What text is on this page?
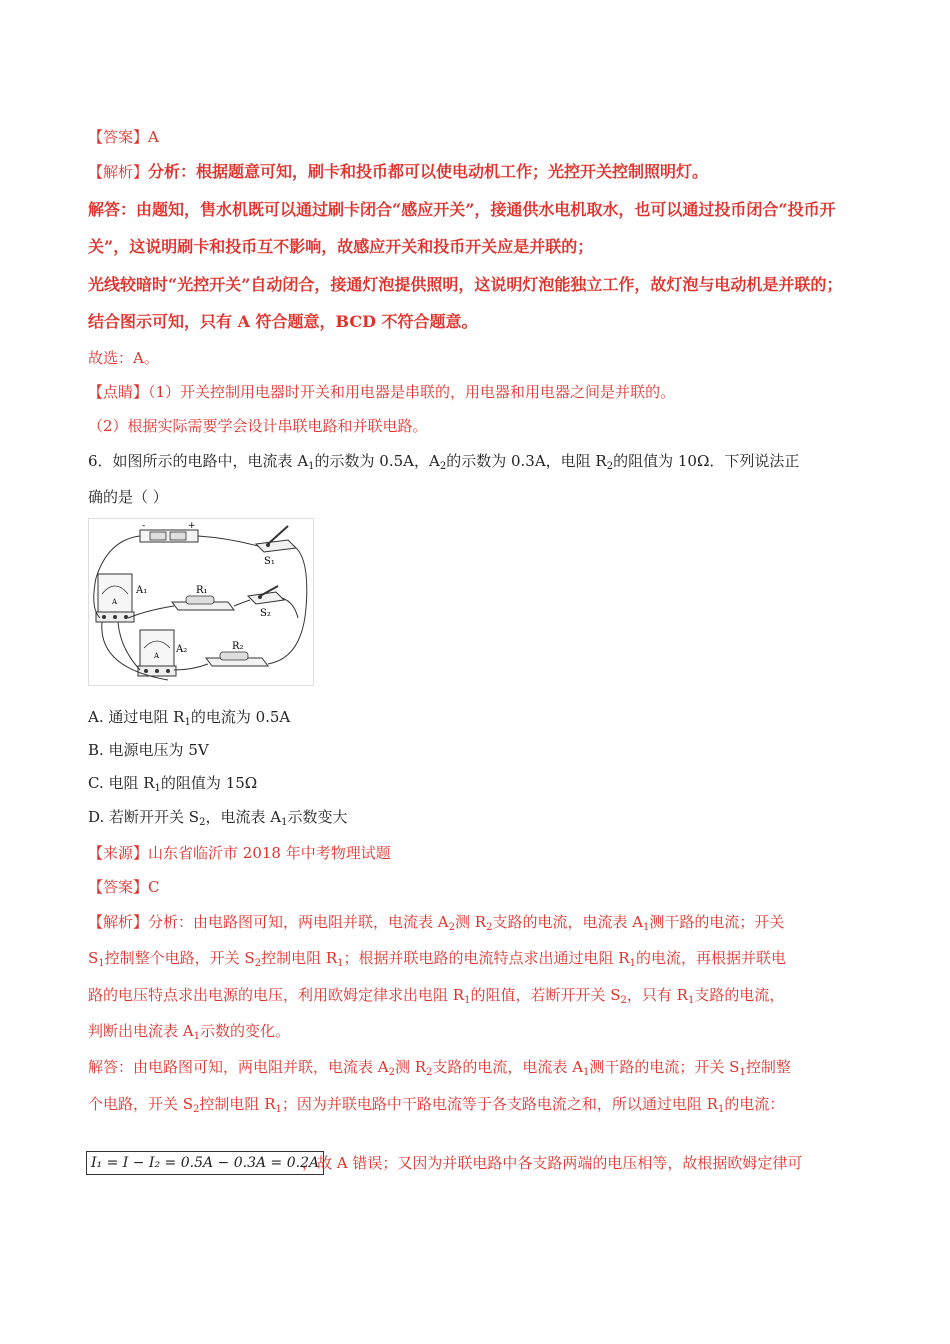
【答案】A
【解析】分析：根据题意可知，刷卡和投币都可以使电动机工作；光控开关控制照明灯。
解答：由题知，售水机既可以通过刷卡闭合“感应开关”，接通供水电机取水，也可以通过投币闭合“投币开
关”，这说明刷卡和投币互不影响，故感应开关和投币开关应是并联的；
光线较暗时“光控开关”自动闭合，接通灯泡提供照明，这说明灯泡能独立工作，故灯泡与电动机是并联的；
结合图示可知，只有 A 符合题意，BCD 不符合题意。
故选：A。
【点睛】（1）开关控制用电器时开关和用电器是串联的，用电器和用电器之间是并联的。
（2）根据实际需要学会设计串联电路和并联电路。
6．如图所示的电路中，电流表 $A_1$的示数为 0.5A，$A_2$的示数为 0.3A，电阻 $R_2$的阻值为 10Ω．下列说法正
确的是（ ）
-	+
S₁
A
A₁	R₁
S₂
A
A₂	R₂
A. 通过电阻 $R_1$的电流为 0.5A
B. 电源电压为 5V
C. 电阻 $R_1$的阻值为 15Ω
D. 若断开开关 $S_2$，电流表 $A_1$示数变大
【来源】山东省临沂市 2018 年中考物理试题
【答案】C
【解析】分析：由电路图可知，两电阻并联，电流表 $A_2$测 $R_2$支路的电流，电流表 $A_1$测干路的电流；开关
$S_1$控制整个电路，开关 $S_2$控制电阻 $R_1$；根据并联电路的电流特点求出通过电阻 $R_1$的电流，再根据并联电
路的电压特点求出电源的电压，利用欧姆定律求出电阻 $R_1$的阻值，若断开开关 $S_2$，只有 $R_1$支路的电流，
判断出电流表 $A_1$示数的变化。
解答：由电路图可知，两电阻并联，电流表 $A_2$测 $R_2$支路的电流，电流表 $A_1$测干路的电流；开关 $S_1$控制整
个电路，开关 $S_2$控制电阻 $R_1$；因为并联电路中干路电流等于各支路电流之和，所以通过电阻 $R_1$的电流：
I₁ = I − I₂ = 0.5A − 0.3A = 0.2A
，故 A 错误；又因为并联电路中各支路两端的电压相等，故根据欧姆定律可
